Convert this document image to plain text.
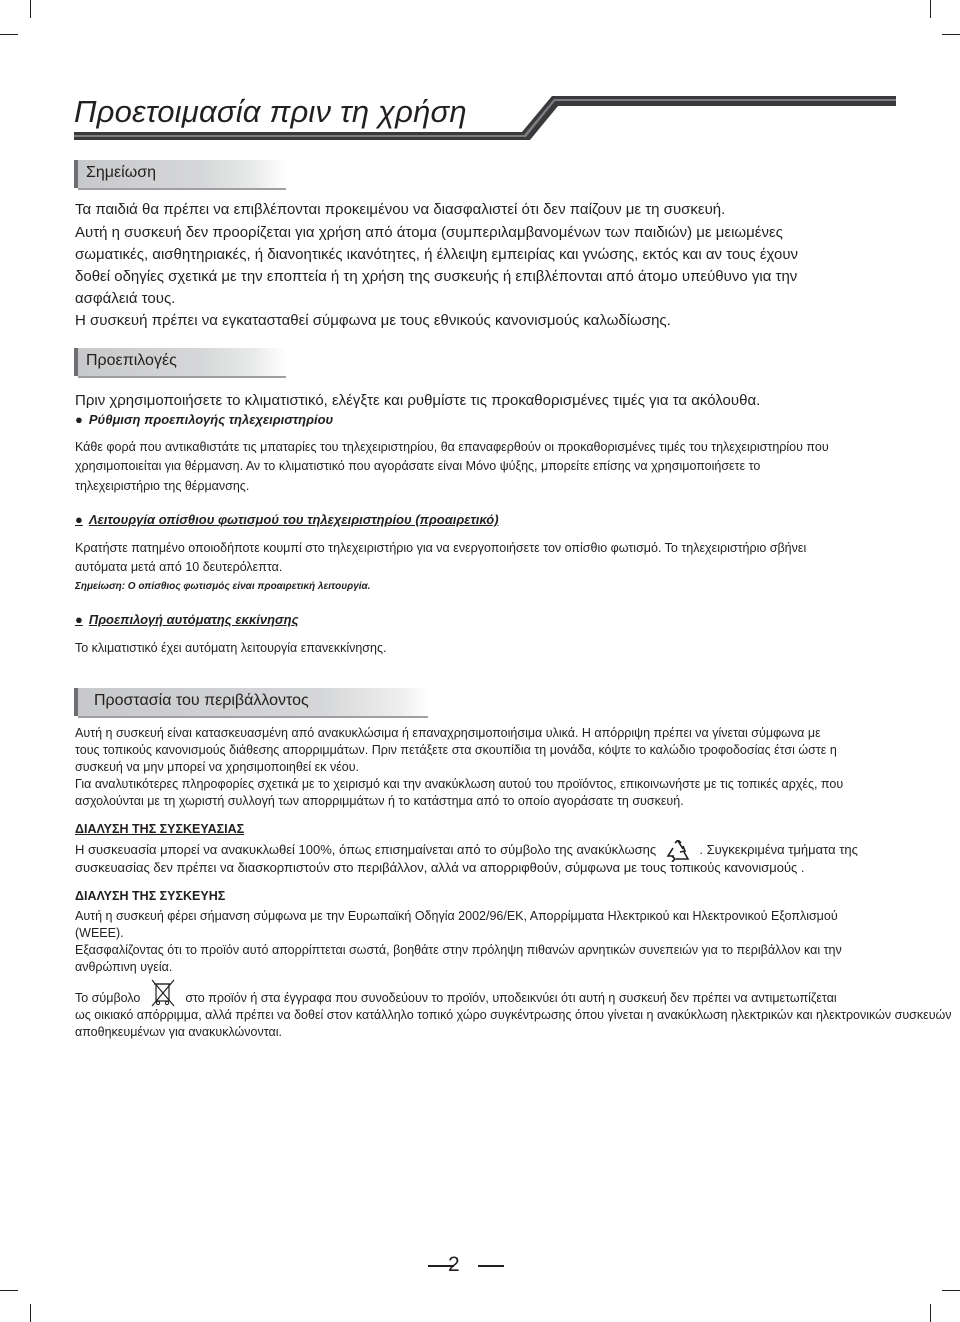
Προετοιμασία πριν τη χρήση
Σημείωση

Τα παιδιά θα πρέπει να επιβλέπονται προκειμένου να διασφαλιστεί ότι δεν παίζουν με τη συσκευή.

Αυτή η συσκευή δεν προορίζεται για χρήση από άτομα (συμπεριλαμβανομένων των παιδιών) με μειωμένες

σωματικές, αισθητηριακές, ή διανοητικές ικανότητες, ή έλλειψη εμπειρίας και γνώσης, εκτός και αν τους έχουν

δοθεί οδηγίες σχετικά με την εποπτεία ή τη χρήση της συσκευής ή επιβλέπονται από άτομο υπεύθυνο για την

ασφάλειά τους.

Η συσκευή πρέπει να εγκατασταθεί σύμφωνα με τους εθνικούς κανονισμούς καλωδίωσης.

Προεπιλογές

Πριν χρησιμοποιήσετε το κλιματιστικό, ελέγξτε και ρυθμίστε τις προκαθορισμένες τιμές για τα ακόλουθα.

● Ρύθμιση προεπιλογής τηλεχειριστηρίου

Κάθε φορά που αντικαθιστάτε τις μπαταρίες του τηλεχειριστηρίου, θα επαναφερθούν οι προκαθορισμένες τιμές του τηλεχειριστηρίου που

χρησιμοποιείται για θέρμανση. Αν το κλιματιστικό που αγοράσατε είναι Μόνο ψύξης, μπορείτε επίσης να χρησιμοποιήσετε το

τηλεχειριστήριο της θέρμανσης.

● Λειτουργία οπίσθιου φωτισμού του τηλεχειριστηρίου (προαιρετικό)

Κρατήστε πατημένο οποιοδήποτε κουμπί στο τηλεχειριστήριο για να ενεργοποιήσετε τον οπίσθιο φωτισμό. Το τηλεχειριστήριο σβήνει

αυτόματα μετά από 10 δευτερόλεπτα.

Σημείωση: Ο οπίσθιος φωτισμός είναι προαιρετική λειτουργία.

● Προεπιλογή αυτόματης εκκίνησης

Το κλιματιστικό έχει αυτόματη λειτουργία επανεκκίνησης.

Προστασία του περιβάλλοντος

Αυτή η συσκευή είναι κατασκευασμένη από ανακυκλώσιμα ή επαναχρησιμοποιήσιμα υλικά. Η απόρριψη πρέπει να γίνεται σύμφωνα με

τους τοπικούς κανονισμούς διάθεσης απορριμμάτων. Πριν πετάξετε στα σκουπίδια τη μονάδα, κόψτε το καλώδιο τροφοδοσίας έτσι ώστε η

συσκευή να μην μπορεί να χρησιμοποιηθεί εκ νέου.

Για αναλυτικότερες πληροφορίες σχετικά με το χειρισμό και την ανακύκλωση αυτού του προϊόντος, επικοινωνήστε με τις τοπικές αρχές, που

ασχολούνται με τη χωριστή συλλογή των απορριμμάτων ή το κατάστημα από το οποίο αγοράσατε τη συσκευή.

ΔΙΑΛΥΣΗ ΤΗΣ ΣΥΣΚΕΥΑΣΙΑΣ

Η συσκευασία μπορεί να ανακυκλωθεί 100%, όπως επισημαίνεται από το σύμβολο της ανακύκλωσης	. Συγκεκριμένα τμήματα της

συσκευασίας δεν πρέπει να διασκορπιστούν στο περιβάλλον, αλλά να απορριφθούν, σύμφωνα με τους τοπικούς κανονισμούς .

ΔΙΑΛΥΣΗ ΤΗΣ ΣΥΣΚΕΥΗΣ

Αυτή η συσκευή φέρει σήμανση σύμφωνα με την Ευρωπαϊκή Οδηγία 2002/96/ΕΚ, Απορρίμματα Ηλεκτρικού και Ηλεκτρονικού Εξοπλισμού

(WEEE).

Εξασφαλίζοντας ότι το προϊόν αυτό απορρίπτεται σωστά, βοηθάτε στην πρόληψη πιθανών αρνητικών συνεπειών για το περιβάλλον και την

ανθρώπινη υγεία.

Το σύμβολο	στο προϊόν ή στα έγγραφα που συνοδεύουν το προϊόν, υποδεικνύει ότι αυτή η συσκευή δεν πρέπει να αντιμετωπίζεται

ως οικιακό απόρριμμα, αλλά πρέπει να δοθεί στον κατάλληλο τοπικό χώρο συγκέντρωσης όπου γίνεται η ανακύκλωση ηλεκτρικών και ηλεκτρονικών συσκευών

αποθηκευμένων για ανακυκλώνονται.

2
